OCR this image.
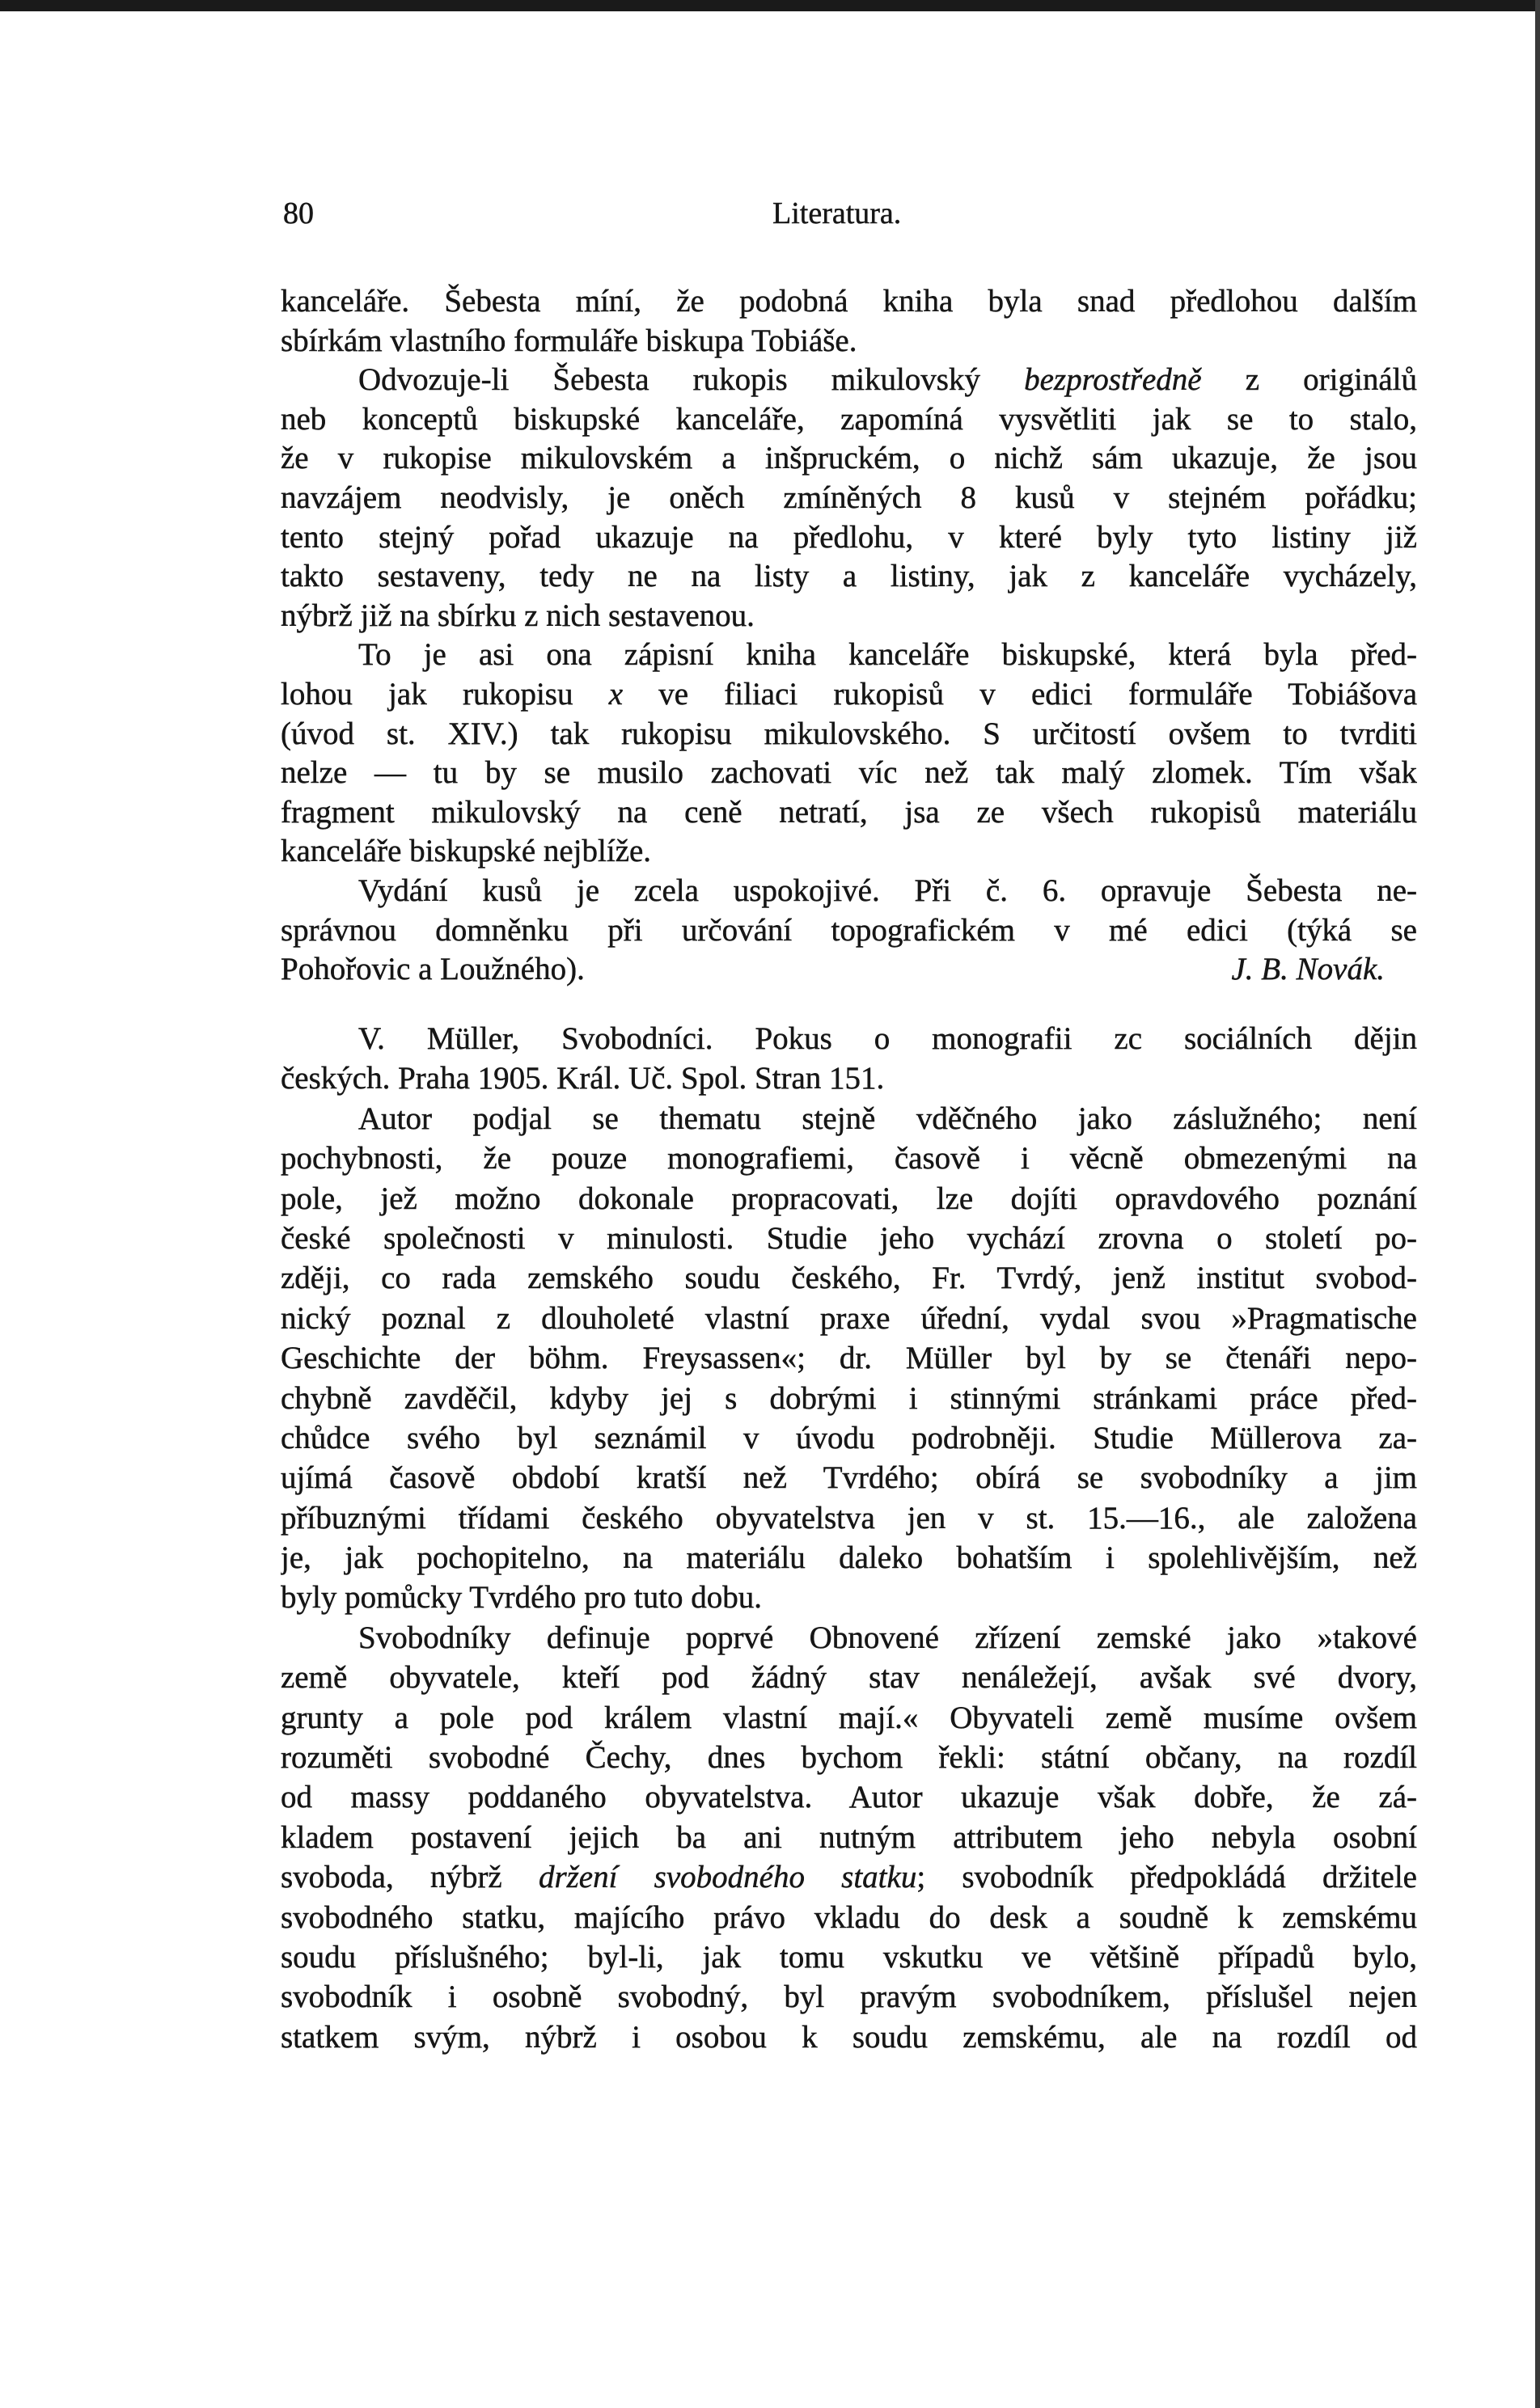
80	Literatura.
kanceláře. Šebesta míní, že podobná kniha byla snad předlohou dalším
sbírkám vlastního formuláře biskupa Tobiáše.
Odvozuje-li Šebesta rukopis mikulovský bezprostředně z originálů
neb konceptů biskupské kanceláře, zapomíná vysvětliti jak se to stalo,
že v rukopise mikulovském a inšpruckém, o nichž sám ukazuje, že jsou
navzájem neodvisly, je oněch zmíněných 8 kusů v stejném pořádku;
tento stejný pořad ukazuje na předlohu, v které byly tyto listiny již
takto sestaveny, tedy ne na listy a listiny, jak z kanceláře vycházely,
nýbrž již na sbírku z nich sestavenou.
To je asi ona zápisní kniha kanceláře biskupské, která byla před-
lohou jak rukopisu x ve filiaci rukopisů v edici formuláře Tobiášova
(úvod st. XIV.) tak rukopisu mikulovského. S určitostí ovšem to tvrditi
nelze — tu by se musilo zachovati víc než tak malý zlomek. Tím však
fragment mikulovský na ceně netratí, jsa ze všech rukopisů materiálu
kanceláře biskupské nejblíže.
Vydání kusů je zcela uspokojivé. Při č. 6. opravuje Šebesta ne-
správnou domněnku při určování topografickém v mé edici (týká se
Pohořovic a Loužného).	J. B. Novák.
V. Müller, Svobodníci. Pokus o monografii zc sociálních dějin
českých. Praha 1905. Král. Uč. Spol. Stran 151.
Autor podjal se thematu stejně vděčného jako záslužného; není
pochybnosti, že pouze monografiemi, časově i věcně obmezenými na
pole, jež možno dokonale propracovati, lze dojíti opravdového poznání
české společnosti v minulosti. Studie jeho vychází zrovna o století po-
zději, co rada zemského soudu českého, Fr. Tvrdý, jenž institut svobod-
nický poznal z dlouholeté vlastní praxe úřední, vydal svou »Pragmatische
Geschichte der böhm. Freysassen«; dr. Müller byl by se čtenáři nepo-
chybně zavděčil, kdyby jej s dobrými i stinnými stránkami práce před-
chůdce svého byl seznámil v úvodu podrobněji. Studie Müllerova za-
ujímá časově období kratší než Tvrdého; obírá se svobodníky a jim
příbuznými třídami českého obyvatelstva jen v st. 15.—16., ale založena
je, jak pochopitelno, na materiálu daleko bohatším i spolehlivějším, než
byly pomůcky Tvrdého pro tuto dobu.
Svobodníky definuje poprvé Obnovené zřízení zemské jako »takové
země obyvatele, kteří pod žádný stav nenáležejí, avšak své dvory,
grunty a pole pod králem vlastní mají.« Obyvateli země musíme ovšem
rozuměti svobodné Čechy, dnes bychom řekli: státní občany, na rozdíl
od massy poddaného obyvatelstva. Autor ukazuje však dobře, že zá-
kladem postavení jejich ba ani nutným attributem jeho nebyla osobní
svoboda, nýbrž držení svobodného statku; svobodník předpokládá držitele
svobodného statku, majícího právo vkladu do desk a soudně k zemskému
soudu příslušného; byl-li, jak tomu vskutku ve většině případů bylo,
svobodník i osobně svobodný, byl pravým svobodníkem, příslušel nejen
statkem svým, nýbrž i osobou k soudu zemskému, ale na rozdíl od
